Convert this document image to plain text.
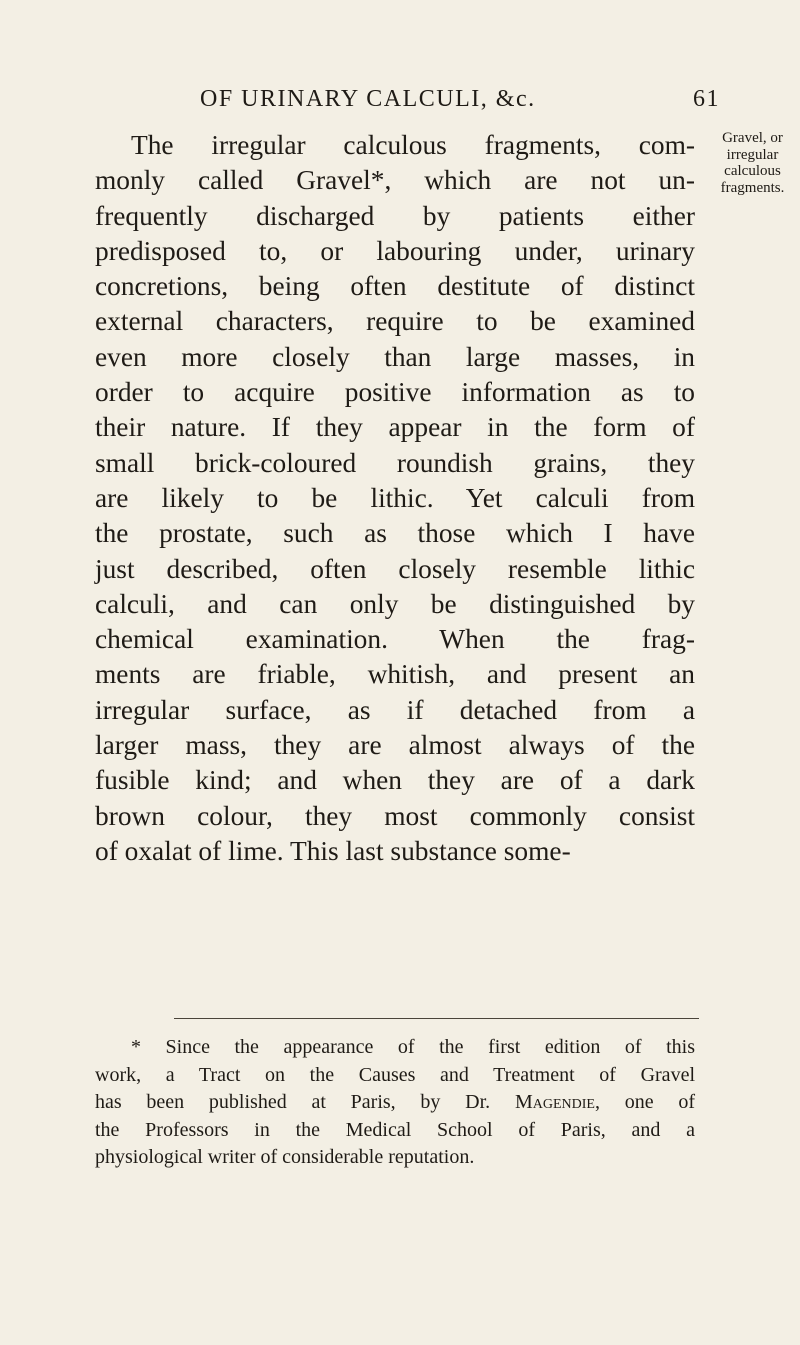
OF URINARY CALCULI, &c.	61
Gravel, or
irregular
calculous
fragments.
The irregular calculous fragments, com-
monly called Gravel*, which are not un-
frequently discharged by patients either
predisposed to, or labouring under, urinary
concretions, being often destitute of distinct
external characters, require to be examined
even more closely than large masses, in
order to acquire positive information as to
their nature. If they appear in the form of
small brick-coloured roundish grains, they
are likely to be lithic. Yet calculi from
the prostate, such as those which I have
just described, often closely resemble lithic
calculi, and can only be distinguished by
chemical examination. When the frag-
ments are friable, whitish, and present an
irregular surface, as if detached from a
larger mass, they are almost always of the
fusible kind; and when they are of a dark
brown colour, they most commonly consist
of oxalat of lime. This last substance some-
* Since the appearance of the first edition of this
work, a Tract on the Causes and Treatment of Gravel
has been published at Paris, by Dr. Magendie, one of
the Professors in the Medical School of Paris, and a
physiological writer of considerable reputation.
